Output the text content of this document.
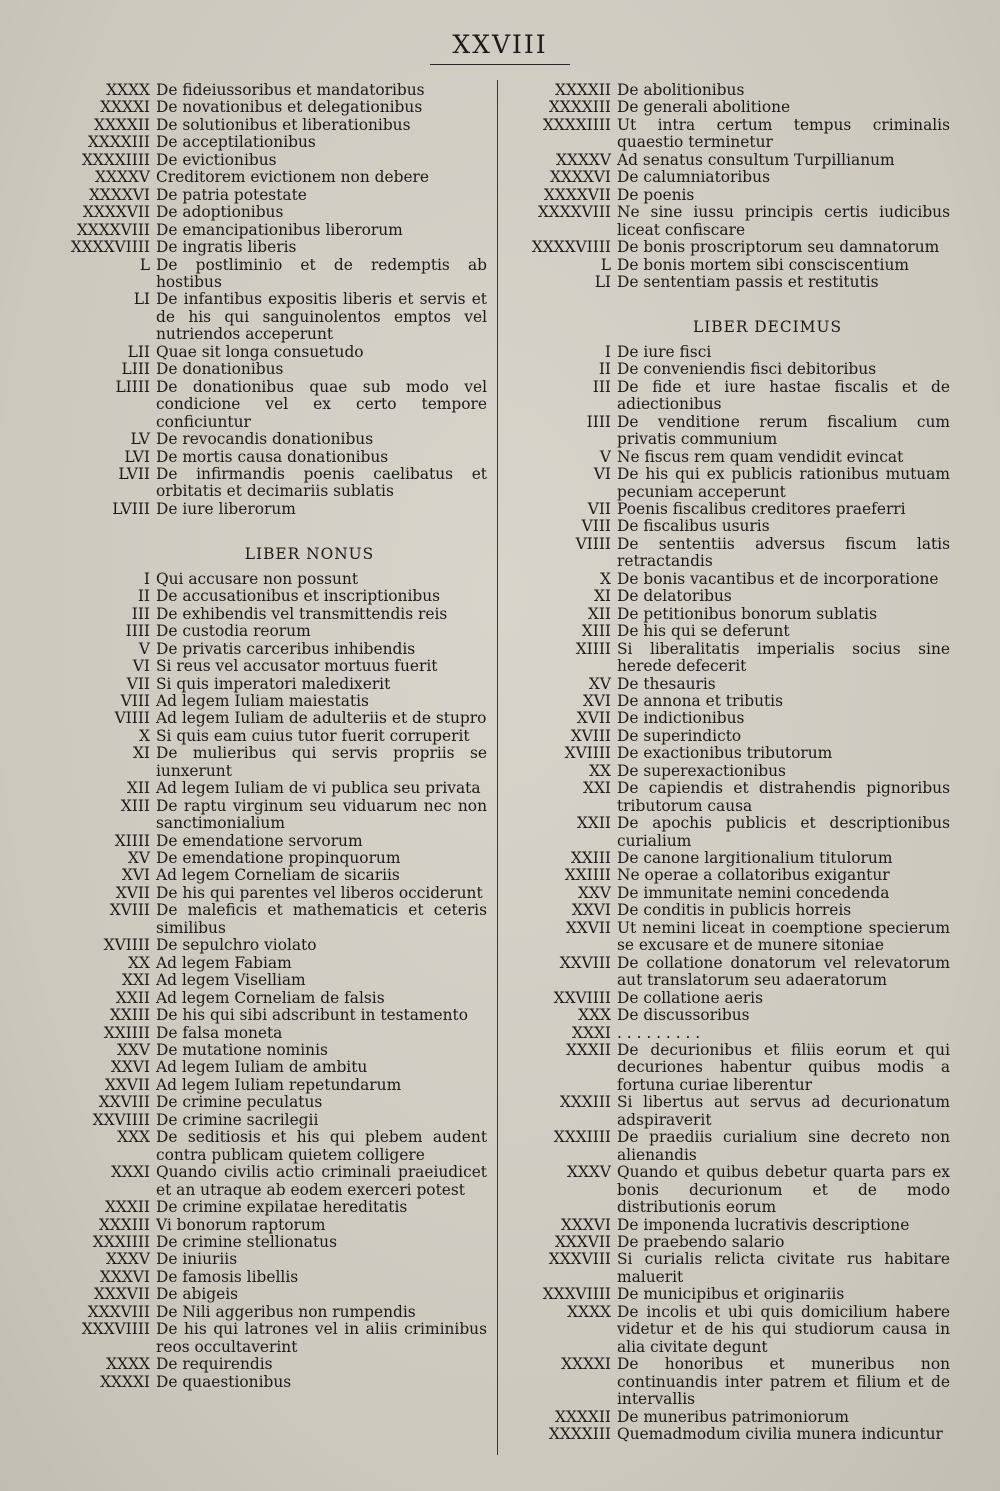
XXVIII
XXXX De fideiussoribus et mandatoribus
XXXXI De novationibus et delegationibus
XXXXII De solutionibus et liberationibus
XXXXIII De acceptilationibus
XXXXIIII De evictionibus
XXXXV Creditorem evictionem non debere
XXXXVI De patria potestate
XXXXVII De adoptionibus
XXXXVIII De emancipationibus liberorum
XXXXVIIII De ingratis liberis
L De postliminio et de redemptis ab hostibus
LI De infantibus expositis liberis et servis et de his qui sanguinolentos emptos vel nutriendos acceperunt
LII Quae sit longa consuetudo
LIII De donationibus
LIIII De donationibus quae sub modo vel condicione vel ex certo tempore conficiuntur
LV De revocandis donationibus
LVI De mortis causa donationibus
LVII De infirmandis poenis caelibatus et orbitatis et decimariis sublatis
LVIII De iure liberorum
LIBER NONUS
I Qui accusare non possunt
II De accusationibus et inscriptionibus
III De exhibendis vel transmittendis reis
IIII De custodia reorum
V De privatis carceribus inhibendis
VI Si reus vel accusator mortuus fuerit
VII Si quis imperatori maledixerit
VIII Ad legem Iuliam maiestatis
VIIII Ad legem Iuliam de adulteriis et de stupro
X Si quis eam cuius tutor fuerit corruperit
XI De mulieribus qui servis propriis se iunxerunt
XII Ad legem Iuliam de vi publica seu privata
XIII De raptu virginum seu viduarum nec non sanctimonialium
XIIII De emendatione servorum
XV De emendatione propinquorum
XVI Ad legem Corneliam de sicariis
XVII De his qui parentes vel liberos occiderunt
XVIII De maleficis et mathematicis et ceteris similibus
XVIIII De sepulchro violato
XX Ad legem Fabiam
XXI Ad legem Viselliam
XXII Ad legem Corneliam de falsis
XXIII De his qui sibi adscribunt in testamento
XXIIII De falsa moneta
XXV De mutatione nominis
XXVI Ad legem Iuliam de ambitu
XXVII Ad legem Iuliam repetundarum
XXVIII De crimine peculatus
XXVIIII De crimine sacrilegii
XXX De seditiosis et his qui plebem audent contra publicam quietem colligere
XXXI Quando civilis actio criminali praeiudicet et an utraque ab eodem exerceri potest
XXXII De crimine expilatae hereditatis
XXXIII Vi bonorum raptorum
XXXIIII De crimine stellionatus
XXXV De iniuriis
XXXVI De famosis libellis
XXXVII De abigeis
XXXVIII De Nili aggeribus non rumpendis
XXXVIIII De his qui latrones vel in aliis criminibus reos occultaverint
XXXX De requirendis
XXXXI De quaestionibus
XXXXII De abolitionibus
XXXXIII De generali abolitione
XXXXIIII Ut intra certum tempus criminalis quaestio terminetur
XXXXV Ad senatus consultum Turpillianum
XXXXVI De calumniatoribus
XXXXVII De poenis
XXXXVIII Ne sine iussu principis certis iudicibus liceat confiscare
XXXXVIIII De bonis proscriptorum seu damnatorum
L De bonis mortem sibi consciscentium
LI De sententiam passis et restitutis
LIBER DECIMUS
I De iure fisci
II De conveniendis fisci debitoribus
III De fide et iure hastae fiscalis et de adiectionibus
IIII De venditione rerum fiscalium cum privatis communium
V Ne fiscus rem quam vendidit evincat
VI De his qui ex publicis rationibus mutuam pecuniam acceperunt
VII Poenis fiscalibus creditores praeferri
VIII De fiscalibus usuris
VIIII De sententiis adversus fiscum latis retractandis
X De bonis vacantibus et de incorporatione
XI De delatoribus
XII De petitionibus bonorum sublatis
XIII De his qui se deferunt
XIIII Si liberalitatis imperialis socius sine herede defecerit
XV De thesauris
XVI De annona et tributis
XVII De indictionibus
XVIII De superindicto
XVIIII De exactionibus tributorum
XX De superexactionibus
XXI De capiendis et distrahendis pignoribus tributorum causa
XXII De apochis publicis et descriptionibus curialium
XXIII De canone largitionalium titulorum
XXIIII Ne operae a collatoribus exigantur
XXV De immunitate nemini concedenda
XXVI De conditis in publicis horreis
XXVII Ut nemini liceat in coemptione specierum se excusare et de munere sitoniae
XXVIII De collatione donatorum vel relevatorum aut translatorum seu adaeratorum
XXVIIII De collatione aeris
XXX De discussoribus
XXXI . . . . . . . . .
XXXII De decurionibus et filiis eorum et qui decuriones habentur quibus modis a fortuna curiae liberentur
XXXIII Si libertus aut servus ad decurionatum adspiraverit
XXXIIII De praediis curialium sine decreto non alienandis
XXXV Quando et quibus debetur quarta pars ex bonis decurionum et de modo distributionis eorum
XXXVI De imponenda lucrativis descriptione
XXXVII De praebendo salario
XXXVIII Si curialis relicta civitate rus habitare maluerit
XXXVIIII De municipibus et originariis
XXXX De incolis et ubi quis domicilium habere videtur et de his qui studiorum causa in alia civitate degunt
XXXXI De honoribus et muneribus non continuandis inter patrem et filium et de intervallis
XXXXII De muneribus patrimoniorum
XXXXIII Quemadmodum civilia munera indicuntur
